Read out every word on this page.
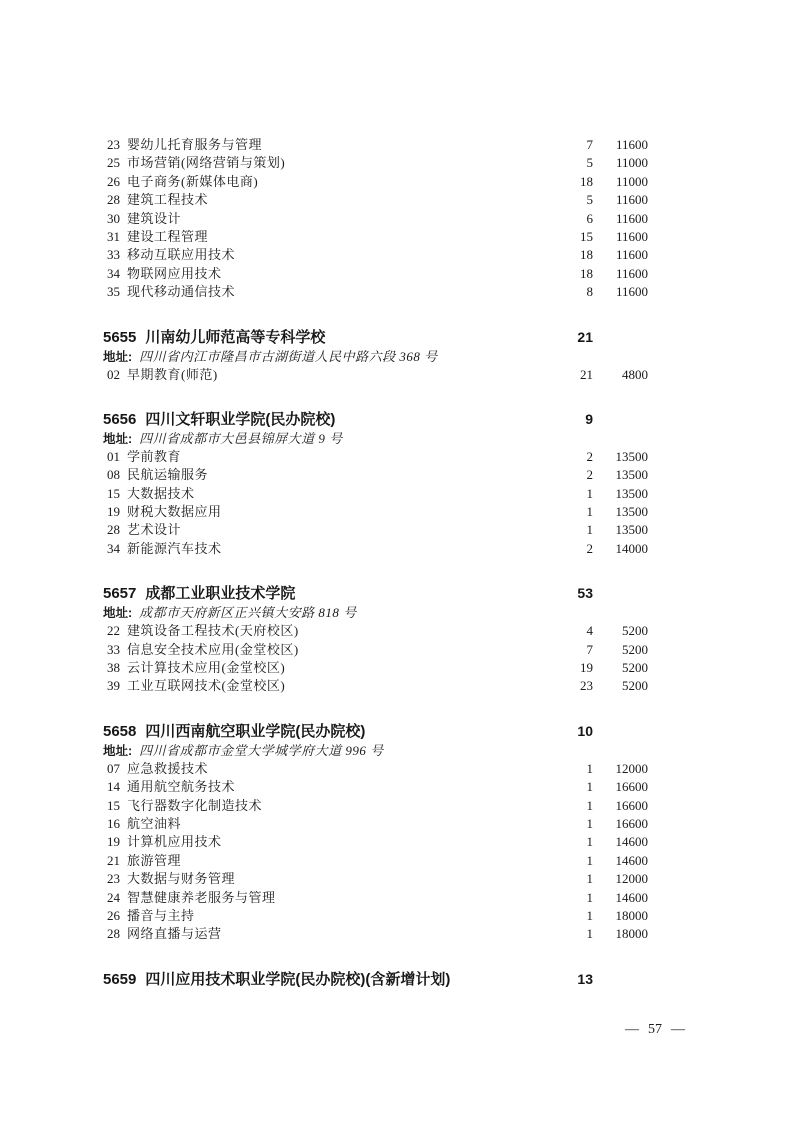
23 婴幼儿托育服务与管理	7	11600
25 市场营销(网络营销与策划)	5	11000
26 电子商务(新媒体电商)	18	11000
28 建筑工程技术	5	11600
30 建筑设计	6	11600
31 建设工程管理	15	11600
33 移动互联应用技术	18	11600
34 物联网应用技术	18	11600
35 现代移动通信技术	8	11600
5655 川南幼儿师范高等专科学校	21
地址: 四川省内江市隆昌市古湖街道人民中路六段 368 号
02 早期教育(师范)	21	4800
5656 四川文轩职业学院(民办院校)	9
地址: 四川省成都市大邑县锦屏大道 9 号
01 学前教育	2	13500
08 民航运输服务	2	13500
15 大数据技术	1	13500
19 财税大数据应用	1	13500
28 艺术设计	1	13500
34 新能源汽车技术	2	14000
5657 成都工业职业技术学院	53
地址: 成都市天府新区正兴镇大安路 818 号
22 建筑设备工程技术(天府校区)	4	5200
33 信息安全技术应用(金堂校区)	7	5200
38 云计算技术应用(金堂校区)	19	5200
39 工业互联网技术(金堂校区)	23	5200
5658 四川西南航空职业学院(民办院校)	10
地址: 四川省成都市金堂大学城学府大道 996 号
07 应急救援技术	1	12000
14 通用航空航务技术	1	16600
15 飞行器数字化制造技术	1	16600
16 航空油料	1	16600
19 计算机应用技术	1	14600
21 旅游管理	1	14600
23 大数据与财务管理	1	12000
24 智慧健康养老服务与管理	1	14600
26 播音与主持	1	18000
28 网络直播与运营	1	18000
5659 四川应用技术职业学院(民办院校)(含新增计划)	13
— 57 —
